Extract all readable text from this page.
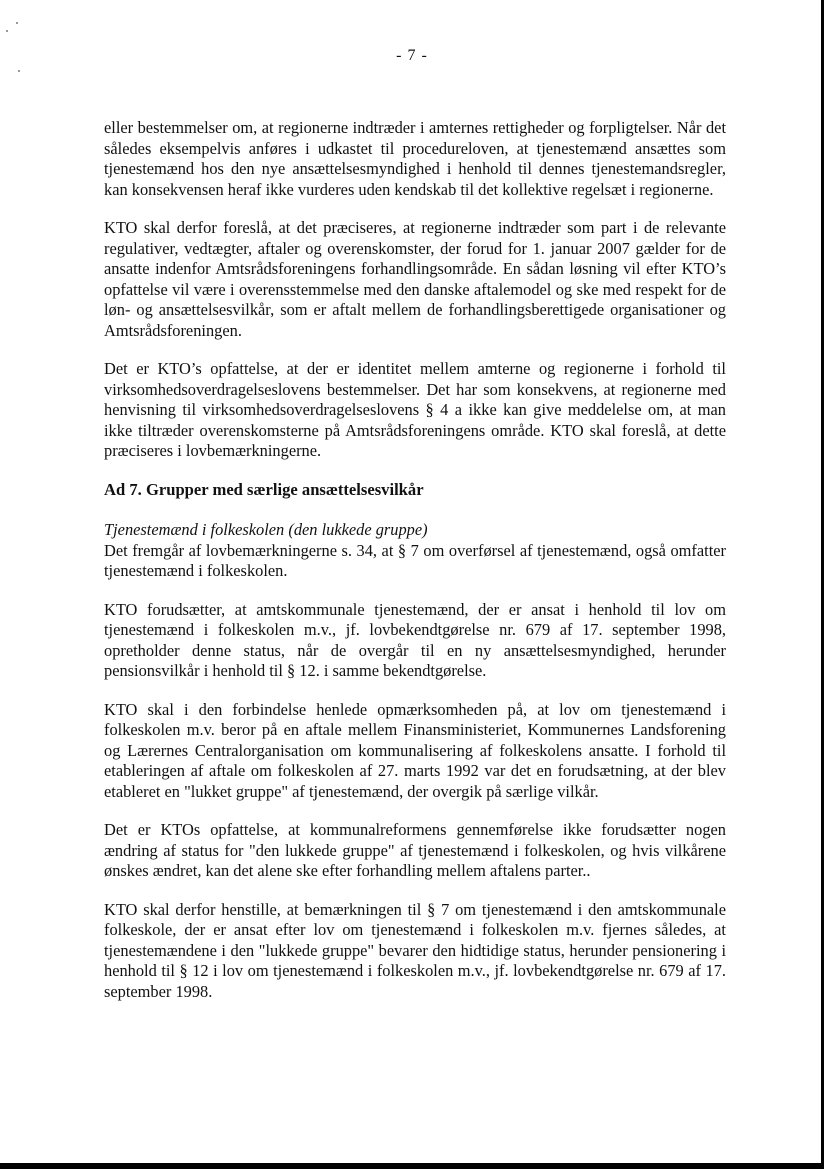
- 7 -

eller bestemmelser om, at regionerne indtræder i amternes rettigheder og forpligtelser. Når det således eksempelvis anføres i udkastet til procedureloven, at tjenestemænd ansættes som tjenestemænd hos den nye ansættelsesmyndighed i henhold til dennes tjenestemandsregler, kan konsekvensen heraf ikke vurderes uden kendskab til det kollektive regelsæt i regionerne.

KTO skal derfor foreslå, at det præciseres, at regionerne indtræder som part i de relevante regulativer, vedtægter, aftaler og overenskomster, der forud for 1. januar 2007 gælder for de ansatte indenfor Amtsrådsforeningens forhandlingsområde. En sådan løsning vil efter KTO’s opfattelse vil være i overensstemmelse med den danske aftalemodel og ske med respekt for de løn- og ansættelsesvilkår, som er aftalt mellem de forhandlingsberettigede organisationer og Amtsrådsforeningen.

Det er KTO’s opfattelse, at der er identitet mellem amterne og regionerne i forhold til virksomhedsoverdragelseslovens bestemmelser. Det har som konsekvens, at regionerne med henvisning til virksomhedsoverdragelseslovens § 4 a ikke kan give meddelelse om, at man ikke tiltræder overenskomsterne på Amtsrådsforeningens område. KTO skal foreslå, at dette præciseres i lovbemærkningerne.

Ad 7. Grupper med særlige ansættelsesvilkår

Tjenestemænd i folkeskolen (den lukkede gruppe)

Det fremgår af lovbemærkningerne s. 34, at § 7 om overførsel af tjenestemænd, også omfatter tjenestemænd i folkeskolen.

KTO forudsætter, at amtskommunale tjenestemænd, der er ansat i henhold til lov om tjenestemænd i folkeskolen m.v., jf. lovbekendtgørelse nr. 679 af 17. september 1998, opretholder denne status, når de overgår til en ny ansættelsesmyndighed, herunder pensionsvilkår i henhold til § 12. i samme bekendtgørelse.

KTO skal i den forbindelse henlede opmærksomheden på, at lov om tjenestemænd i folkeskolen m.v. beror på en aftale mellem Finansministeriet, Kommunernes Landsforening og Lærernes Centralorganisation om kommunalisering af folkeskolens ansatte. I forhold til etableringen af aftale om folkeskolen af 27. marts 1992 var det en forudsætning, at der blev etableret en "lukket gruppe" af tjenestemænd, der overgik på særlige vilkår.

Det er KTOs opfattelse, at kommunalreformens gennemførelse ikke forudsætter nogen ændring af status for "den lukkede gruppe" af tjenestemænd i folkeskolen, og hvis vilkårene ønskes ændret, kan det alene ske efter forhandling mellem aftalens parter..

KTO skal derfor henstille, at bemærkningen til § 7 om tjenestemænd i den amtskommunale folkeskole, der er ansat efter lov om tjenestemænd i folkeskolen m.v. fjernes således, at tjenestemændene i den "lukkede gruppe" bevarer den hidtidige status, herunder pensionering i henhold til § 12 i lov om tjenestemænd i folkeskolen m.v., jf. lovbekendtgørelse nr. 679 af 17. september 1998.
